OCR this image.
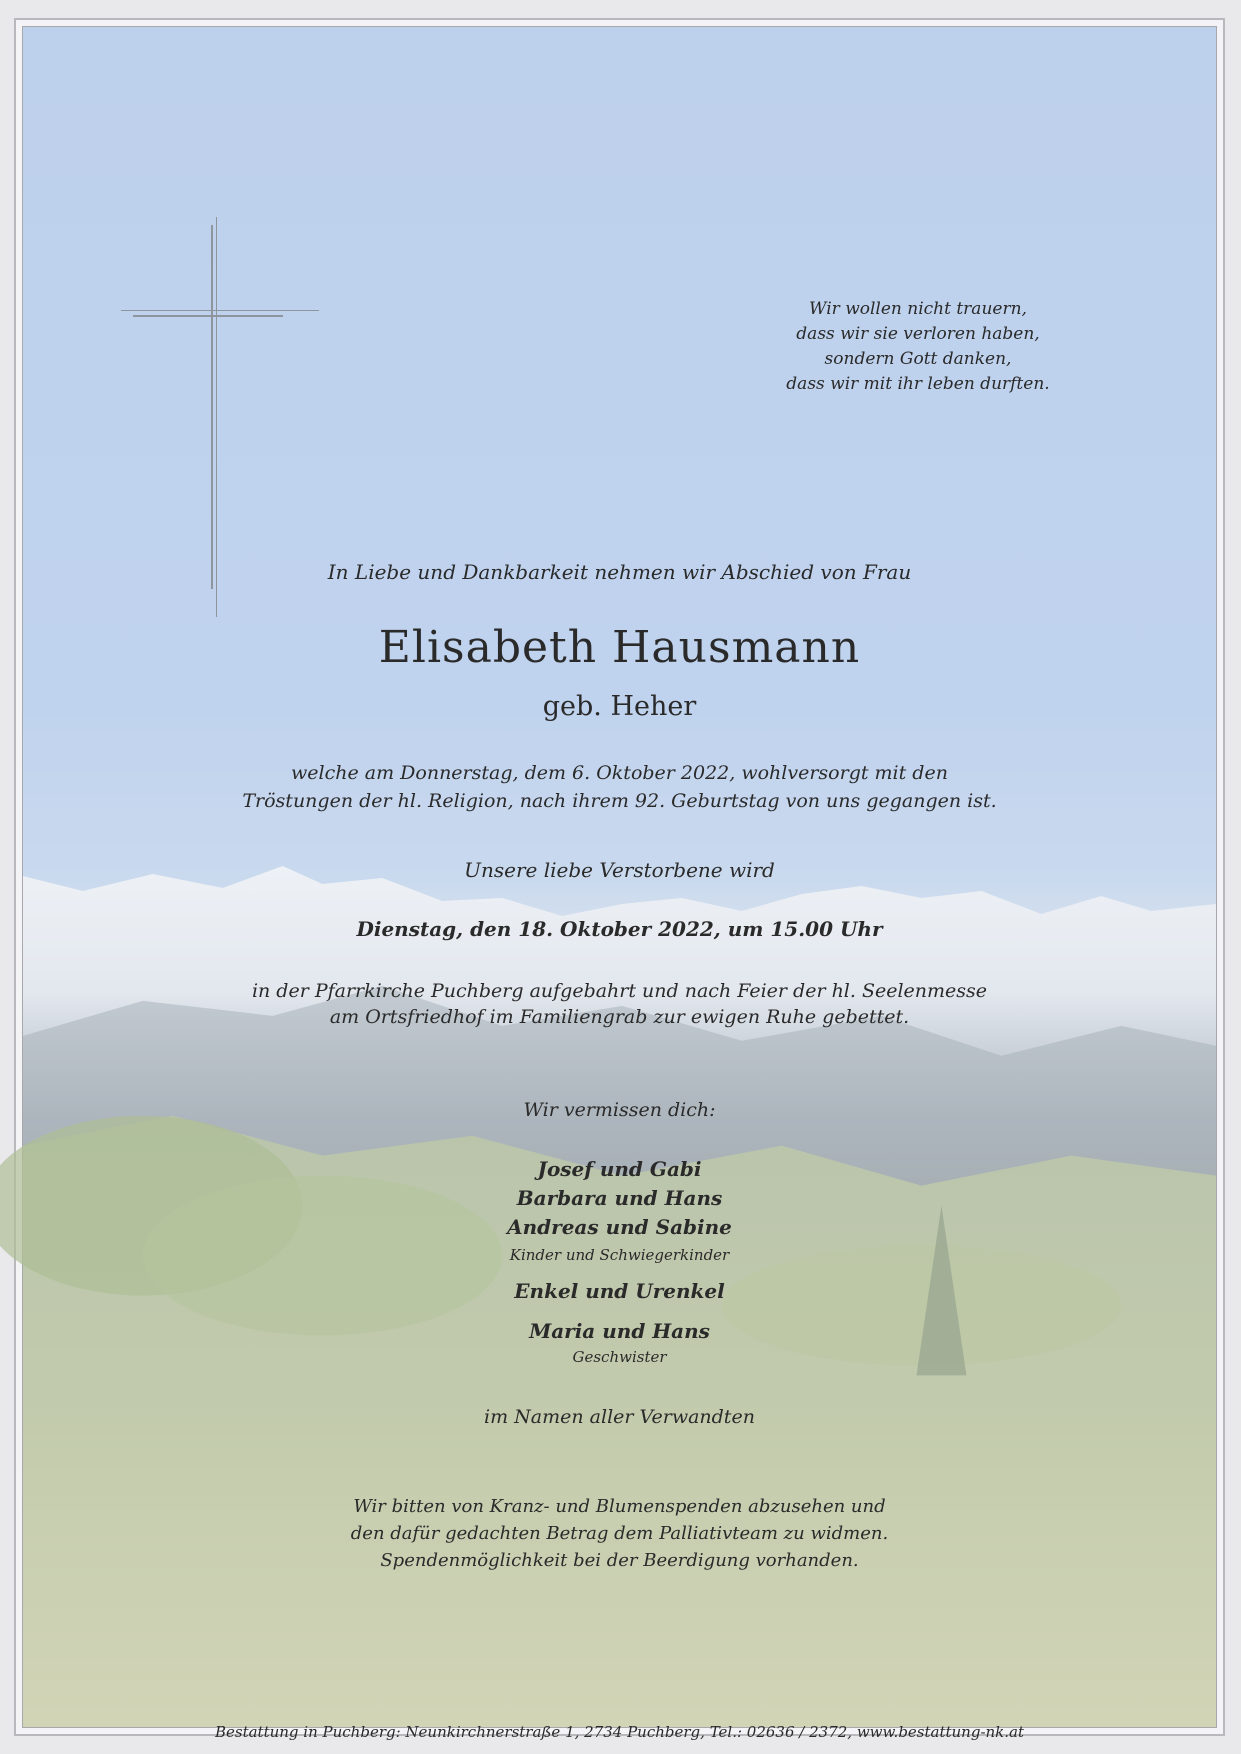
Wir wollen nicht trauern,
dass wir sie verloren haben,
sondern Gott danken,
dass wir mit ihr leben durften.
In Liebe und Dankbarkeit nehmen wir Abschied von Frau
Elisabeth Hausmann
geb. Heher
welche am Donnerstag, dem 6. Oktober 2022, wohlversorgt mit den
Tröstungen der hl. Religion, nach ihrem 92. Geburtstag von uns gegangen ist.
Unsere liebe Verstorbene wird
Dienstag, den 18. Oktober 2022, um 15.00 Uhr
in der Pfarrkirche Puchberg aufgebahrt und nach Feier der hl. Seelenmesse
am Ortsfriedhof im Familiengrab zur ewigen Ruhe gebettet.
Wir vermissen dich:
Josef und Gabi
Barbara und Hans
Andreas und Sabine
Kinder und Schwiegerkinder
Enkel und Urenkel
Maria und Hans
Geschwister
im Namen aller Verwandten
Wir bitten von Kranz- und Blumenspenden abzusehen und
den dafür gedachten Betrag dem Palliativteam zu widmen.
Spendenmöglichkeit bei der Beerdigung vorhanden.
Bestattung in Puchberg: Neunkirchnerstraße 1, 2734 Puchberg, Tel.: 02636 / 2372, www.bestattung-nk.at
